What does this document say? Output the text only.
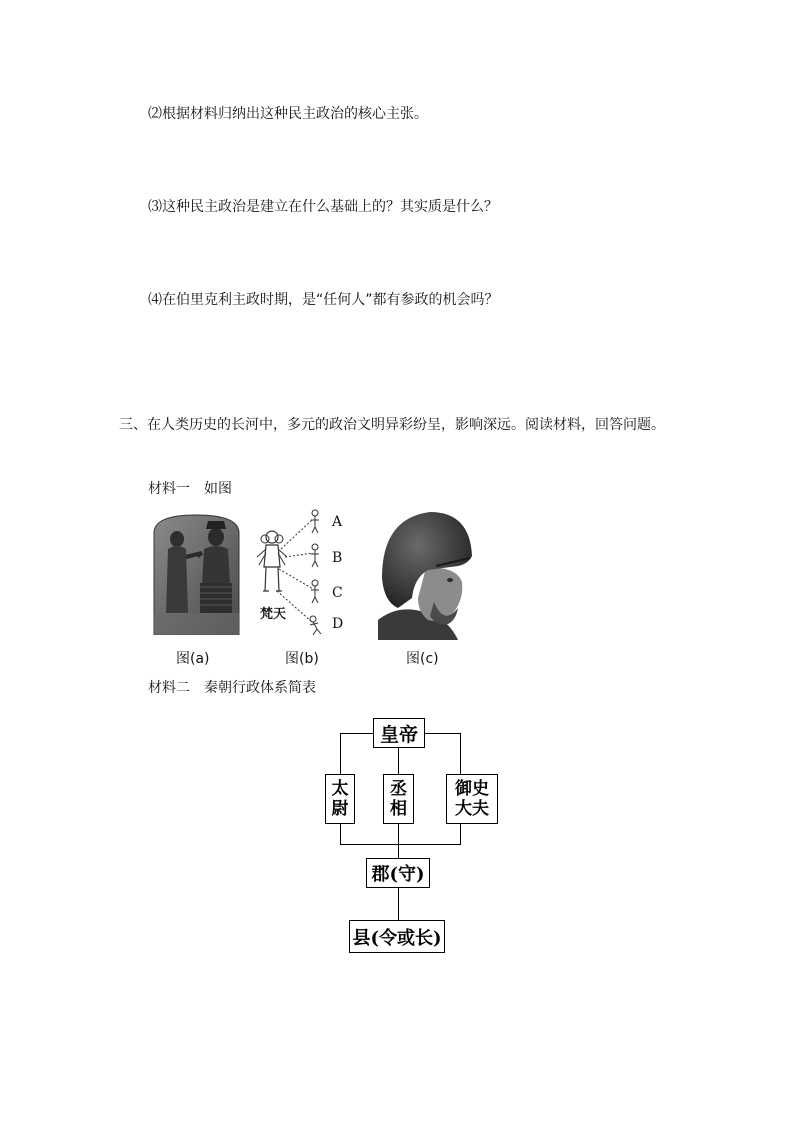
⑵根据材料归纳出这种民主政治的核心主张。
⑶这种民主政治是建立在什么基础上的？其实质是什么？
⑷在伯里克利主政时期，是“任何人”都有参政的机会吗？
三、在人类历史的长河中，多元的政治文明异彩纷呈，影响深远。阅读材料，回答问题。
材料一　如图
梵天
A
B
C
D
图(a)	图(b)	图(c)
材料二　秦朝行政体系简表
皇帝
太
尉
丞
相
御史
大夫
郡(守)
县(令或长)
